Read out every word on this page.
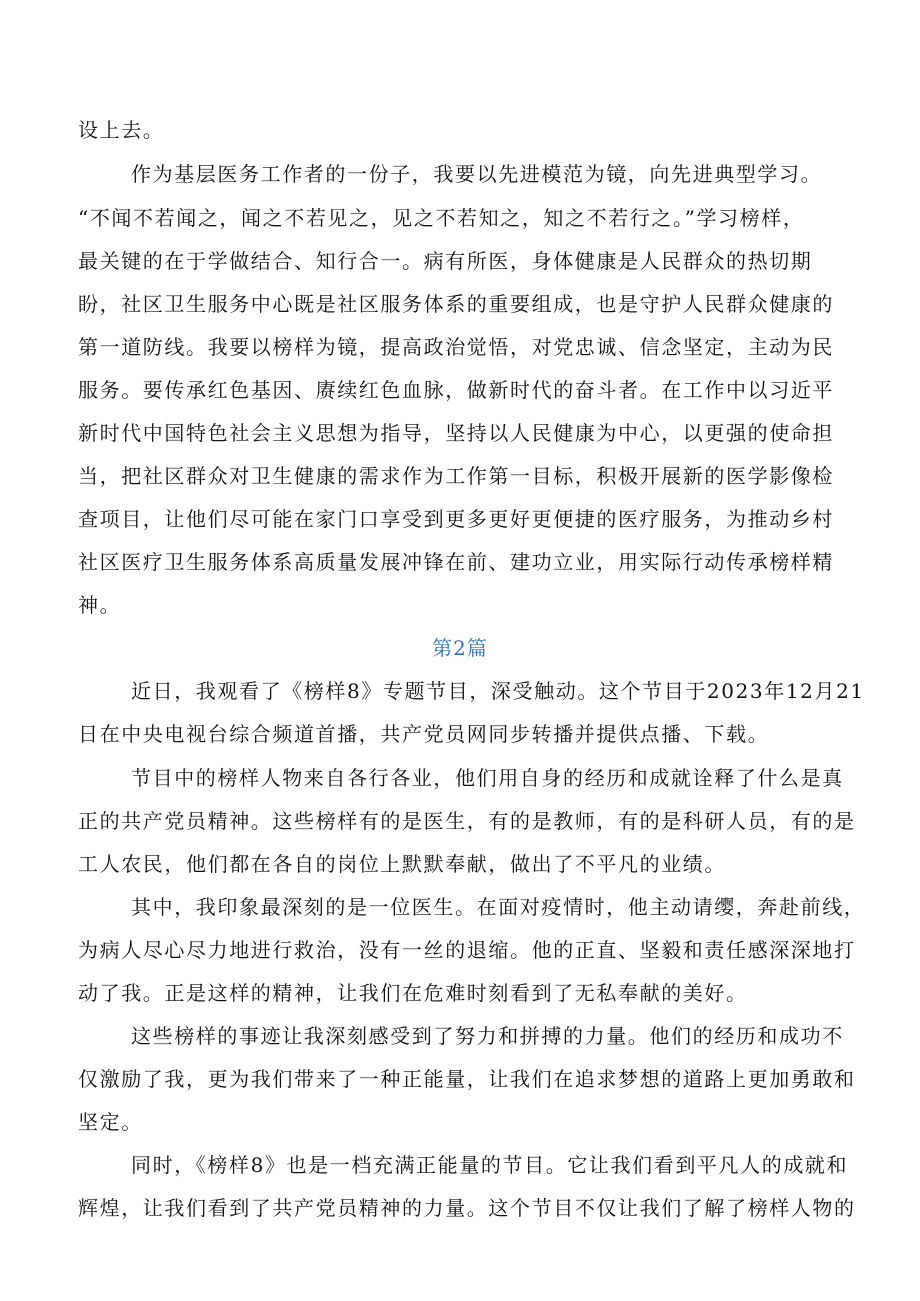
设上去。
作为基层医务工作者的一份子，我要以先进模范为镜，向先进典型学习。
“不闻不若闻之，闻之不若见之，见之不若知之，知之不若行之。”学习榜样，
最关键的在于学做结合、知行合一。病有所医，身体健康是人民群众的热切期
盼，社区卫生服务中心既是社区服务体系的重要组成，也是守护人民群众健康的
第一道防线。我要以榜样为镜，提高政治觉悟，对党忠诚、信念坚定，主动为民
服务。要传承红色基因、赓续红色血脉，做新时代的奋斗者。在工作中以习近平
新时代中国特色社会主义思想为指导，坚持以人民健康为中心，以更强的使命担
当，把社区群众对卫生健康的需求作为工作第一目标，积极开展新的医学影像检
查项目，让他们尽可能在家门口享受到更多更好更便捷的医疗服务，为推动乡村
社区医疗卫生服务体系高质量发展冲锋在前、建功立业，用实际行动传承榜样精
神。
第2篇
近日，我观看了《榜样8》专题节目，深受触动。这个节目于2023年12月21
日在中央电视台综合频道首播，共产党员网同步转播并提供点播、下载。
节目中的榜样人物来自各行各业，他们用自身的经历和成就诠释了什么是真
正的共产党员精神。这些榜样有的是医生，有的是教师，有的是科研人员，有的是
工人农民，他们都在各自的岗位上默默奉献，做出了不平凡的业绩。
其中，我印象最深刻的是一位医生。在面对疫情时，他主动请缨，奔赴前线，
为病人尽心尽力地进行救治，没有一丝的退缩。他的正直、坚毅和责任感深深地打
动了我。正是这样的精神，让我们在危难时刻看到了无私奉献的美好。
这些榜样的事迹让我深刻感受到了努力和拼搏的力量。他们的经历和成功不
仅激励了我，更为我们带来了一种正能量，让我们在追求梦想的道路上更加勇敢和
坚定。
同时，《榜样8》也是一档充满正能量的节目。它让我们看到平凡人的成就和
辉煌，让我们看到了共产党员精神的力量。这个节目不仅让我们了解了榜样人物的
